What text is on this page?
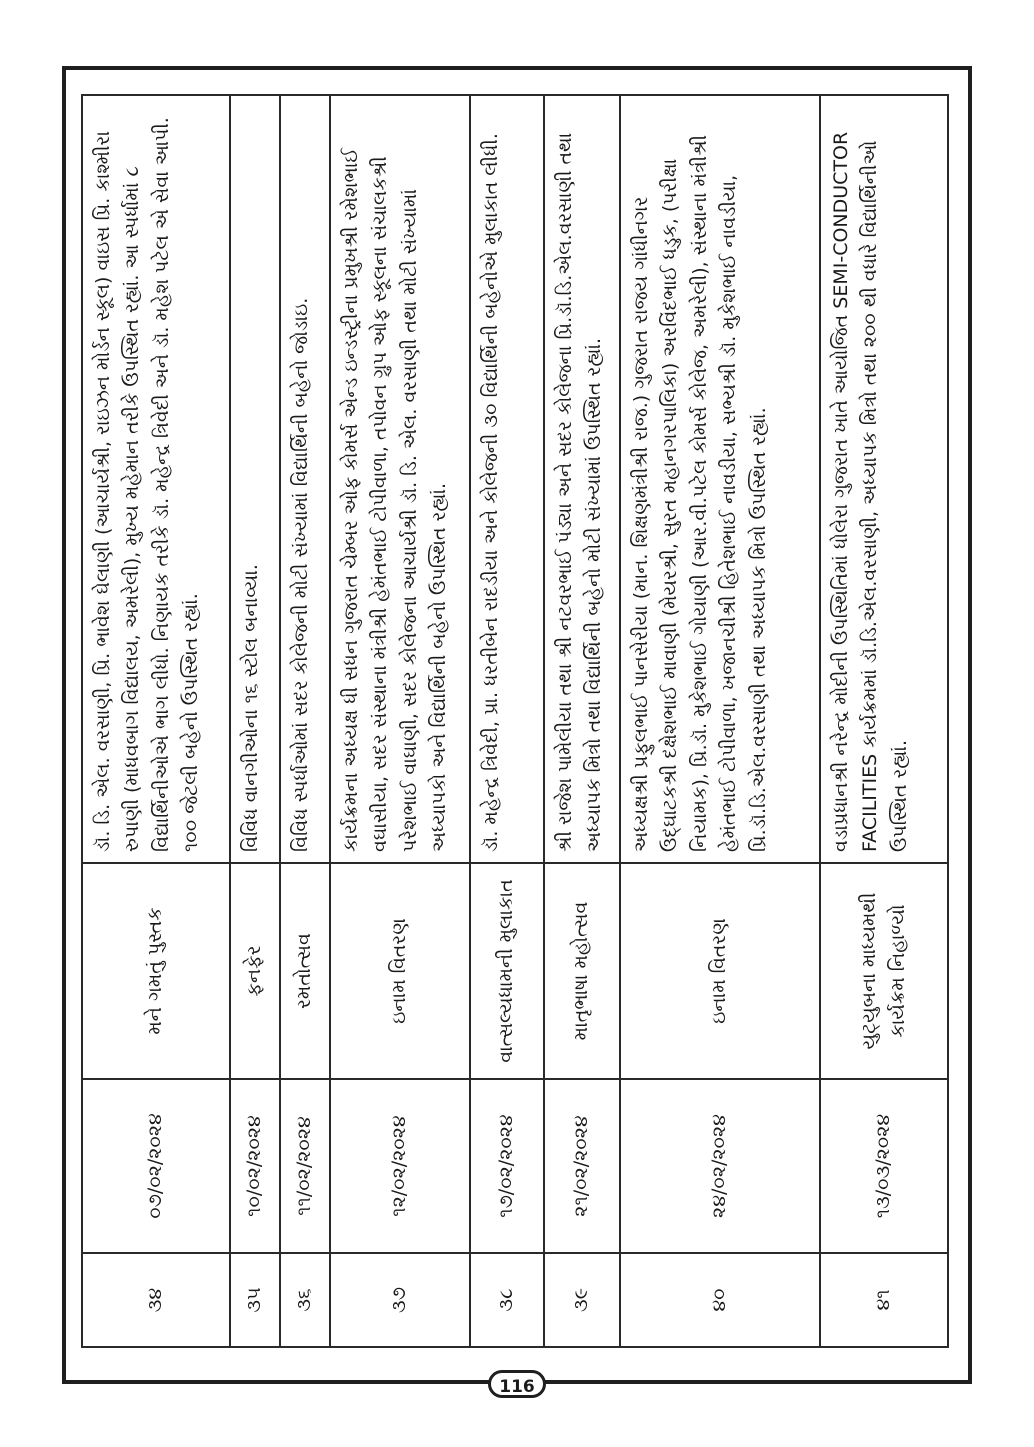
૩૪	૦૭/૦૨/૨૦૨૪	મને ગમતું પુસ્તક	ડૉ. ડિ. એલ. વરસાણી, પ્રિ. ભાવેશ ઘેલાણી (આચાર્યશ્રી, રાઇઝન મોર્ડન સ્કૂલ) વાઇસ પ્રિ. કાશ્મીરા રુપાણી (માધવબાગ વિદ્યાલય, અમરેલી), મુખ્ય મહેમાન તરીકે ઉપસ્થિત રહ્યાં. આ સ્પર્ધામાં ૮ વિદ્યાર્થિનીઓએ ભાગ લીધો. નિણાયક તરીકે ડૉ. મહેન્દ્ર ત્રિવેદી અને ડૉ. મહેશ પટેલ એ સેવા આપી. ૧૦૦ જેટલી બહેનો ઉપસ્થિત રહ્યાં.
૩૫	૧૦/૦૨/૨૦૨૪	ફનફેર	વિવિધ વાનગીઓના ૧૬ સ્ટોલ બનાવ્યા.
૩૬	૧૧/૦૨/૨૦૨૪	રમતોત્સવ	વિવિધ સ્પર્ધાઓમાં સદર કોલેજની મોટી સંખ્યામાં વિદ્યાર્થિની બહેનો જોડાઇ.
૩૭	૧૨/૦૨/૨૦૨૪	ઇનામ વિતરણ	કાર્યક્રમના અધ્યક્ષ ધી સધન ગુજરાત ચેમ્બર ઓફ કોમર્સ એન્ડ ઇન્ડસ્ટ્રીના પ્રમુખશ્રી રમેશભાઈ વઘાસીયા, સદર સંસ્થાના મંત્રીશ્રી હેમંતભાઈ ટોપીવાળા, તપોવન ગ્રુપ ઓફ સ્કૂલના સંચાલકશ્રી પરેશભાઈ વાઘાણી, સદર કોલેજના આચાર્યશ્રી ડૉ. ડિ. એલ. વરસાણી તથા મોટી સંખ્યામાં અધ્યાપકો અને વિદ્યાર્થિની બહેનો ઉપસ્થિત રહ્યાં.
૩૮	૧૭/૦૨/૨૦૨૪	વાત્સલ્યધામની મુલાકાત	ડૉ. મહેન્દ્ર ત્રિવેદી, પ્રા. ધરતીબેન રાદડીયા અને કોલેજની ૩૦ વિદ્યાર્થિની બહેનોએ મુલાકાત લીધી.
૩૯	૨૧/૦૨/૨૦૨૪	માતૃભાષા મહોત્સવ	શ્રી રાજેશ પામેલીયા તથા શ્રી નટવરભાઈ પંડ્યા અને સદર કોલેજના પ્રિ.ડૉ.ડિ.એલ.વરસાણી તથા અધ્યાપક મિત્રો તથા વિદ્યાર્થિની બહેનો મોટી સંખ્યામાં ઉપસ્થિત રહ્યાં.
૪૦	૨૪/૦૨/૨૦૨૪	ઇનામ વિતરણ	અધ્યક્ષશ્રી પ્રફુલભાઈ પાનસેરીયા (માન. શિક્ષણમંત્રીશ્રી રાજ.) ગુજરાત રાજય ગાંધીનગર ઉદ્ઘાટકશ્રી દક્ષેશભાઈ માવાણી (મેયરશ્રી, સુરત મહાનગરપાલિકા) અરવિંદભાઈ ધડુક, (પરીક્ષા નિયામક), પ્રિ.ડૉ. મુકેશભાઈ ગોયાણી (આર.વી.પટેલ કોમર્સ કોલેજ, અમરેલી), સંસ્થાના મંત્રીશ્રી હેમંતભાઈ ટોપીવાળા, ખજાનચીશ્રી હિતેશભાઈ નાવડીયા, સભ્યશ્રી ડૉ. મુકેશભાઈ નાવડીયા, પ્રિ.ડૉ.ડિ.એલ.વરસાણી તથા અધ્યાપક મિત્રો ઉપસ્થિત રહ્યાં.
૪૧	૧૩/૦૩/૨૦૨૪	યુટ્યુબના માધ્યમથી કાર્યક્રમ નિહાળ્યો	વડાપ્રધાનશ્રી નરેન્દ્ર મોદીની ઉપસ્થિતિમાં ધોલેરા ગુજરાત ખાતે આયોજિત SEMI-CONDUCTOR FACILITIES કાર્યક્રમમાં ડૉ.ડિ.એલ.વરસાણી, અધ્યાપક મિત્રો તથા ૨૦૦ થી વધારે વિદ્યાર્થિનીઓ ઉપસ્થિત રહ્યાં.
116
